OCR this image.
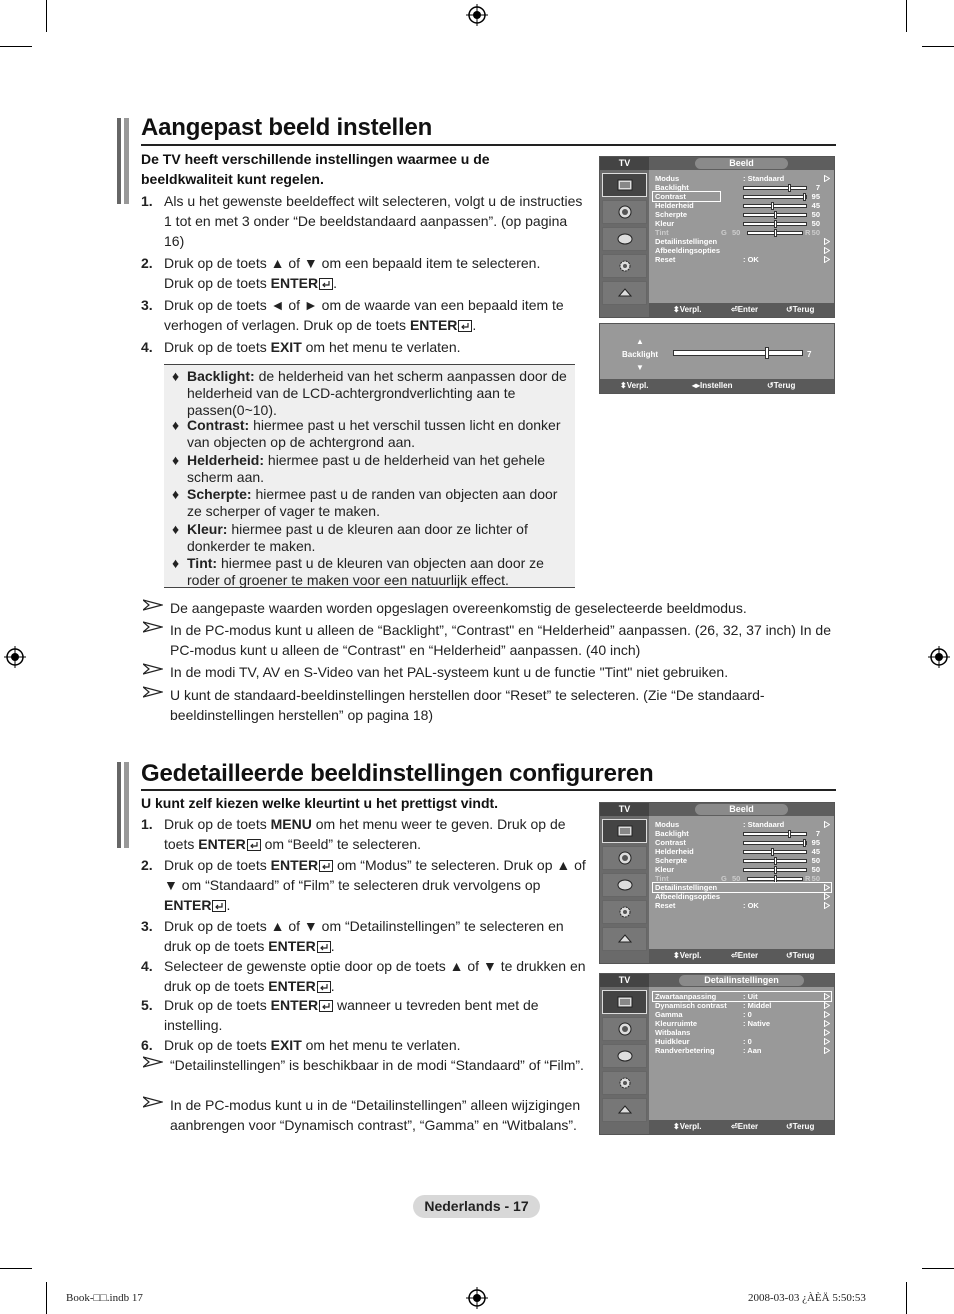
Aangepast beeld instellen
De TV heeft verschillende instellingen waarmee u de beeldkwaliteit kunt regelen.
1. Als u het gewenste beeldeffect wilt selecteren, volgt u de instructies 1 tot en met 3 onder “De beeldstandaard aanpassen”. (op pagina 16)
2. Druk op de toets ▲ of ▼ om een bepaald item te selecteren.
Druk op de toets ENTER .
3. Druk op de toets ◄ of ► om de waarde van een bepaald item te verhogen of verlagen. Druk op de toets ENTER .
4. Druk op de toets EXIT om het menu te verlaten.
♦ Backlight: de helderheid van het scherm aanpassen door de helderheid van de LCD-achtergrondverlichting aan te passen(0~10).
♦ Contrast: hiermee past u het verschil tussen licht en donker van objecten op de achtergrond aan.
♦ Helderheid: hiermee past u de helderheid van het gehele scherm aan.
♦ Scherpte: hiermee past u de randen van objecten aan door ze scherper of vager te maken.
♦ Kleur: hiermee past u de kleuren aan door ze lichter of donkerder te maken.
♦ Tint: hiermee past u de kleuren van objecten aan door ze roder of groener te maken voor een natuurlijk effect.
De aangepaste waarden worden opgeslagen overeenkomstig de geselecteerde beeldmodus.
In de PC-modus kunt u alleen de “Backlight”, “Contrast" en “Helderheid” aanpassen. (26, 32, 37 inch) In de PC-modus kunt u alleen de “Contrast" en “Helderheid” aanpassen. (40 inch)
In de modi TV, AV en S-Video van het PAL-systeem kunt u de functie "Tint" niet gebruiken.
U kunt de standaard-beeldinstellingen herstellen door “Reset” te selecteren. (Zie “De standaard-beeldinstellingen herstellen” op pagina 18)
TV	Beeld
Modus	: Standaard
Backlight	7
Contrast	95
Helderheid	45
Scherpte	50
Kleur	50
Tint	G 50	R 50
Detailinstellingen
Afbeeldingsopties
Reset	: OK
⬍ Verpl.	⏎ Enter	↺ Terug
▲
Backlight
▼
7
⬍ Verpl.	◂▸ Instellen	↺ Terug
Gedetailleerde beeldinstellingen configureren
U kunt zelf kiezen welke kleurtint u het prettigst vindt.
1. Druk op de toets MENU om het menu weer te geven. Druk op de toets ENTER om “Beeld” te selecteren.
2. Druk op de toets ENTER om “Modus” te selecteren. Druk op ▲ of ▼ om “Standaard” of “Film” te selecteren druk vervolgens op ENTER .
3. Druk op de toets ▲ of ▼ om “Detailinstellingen” te selecteren en druk op de toets ENTER .
4. Selecteer de gewenste optie door op de toets ▲ of ▼ te drukken en druk op de toets ENTER .
5. Druk op de toets ENTER wanneer u tevreden bent met de instelling.
6. Druk op de toets EXIT om het menu te verlaten.
“Detailinstellingen” is beschikbaar in de modi “Standaard” of “Film”.
In de PC-modus kunt u in de “Detailinstellingen” alleen wijzigingen aanbrengen voor “Dynamisch contrast”, “Gamma” en “Witbalans”.
TV	Beeld
Modus	: Standaard
Backlight	7
Contrast	95
Helderheid	45
Scherpte	50
Kleur	50
Tint	G 50	R 50
Detailinstellingen
Afbeeldingsopties
Reset	: OK
⬍ Verpl.	⏎ Enter	↺ Terug
TV	Detailinstellingen
Zwartaanpassing	: Uit
Dynamisch contrast : Middel
Gamma	: 0
Kleurruimte	: Native
Witbalans
Huidkleur	: 0
Randverbetering	: Aan
⬍ Verpl.	⏎ Enter	↺ Terug
Nederlands - 17
Book-□□.indb 17	2008-03-03 ¿ÀÈÄ 5:50:53
